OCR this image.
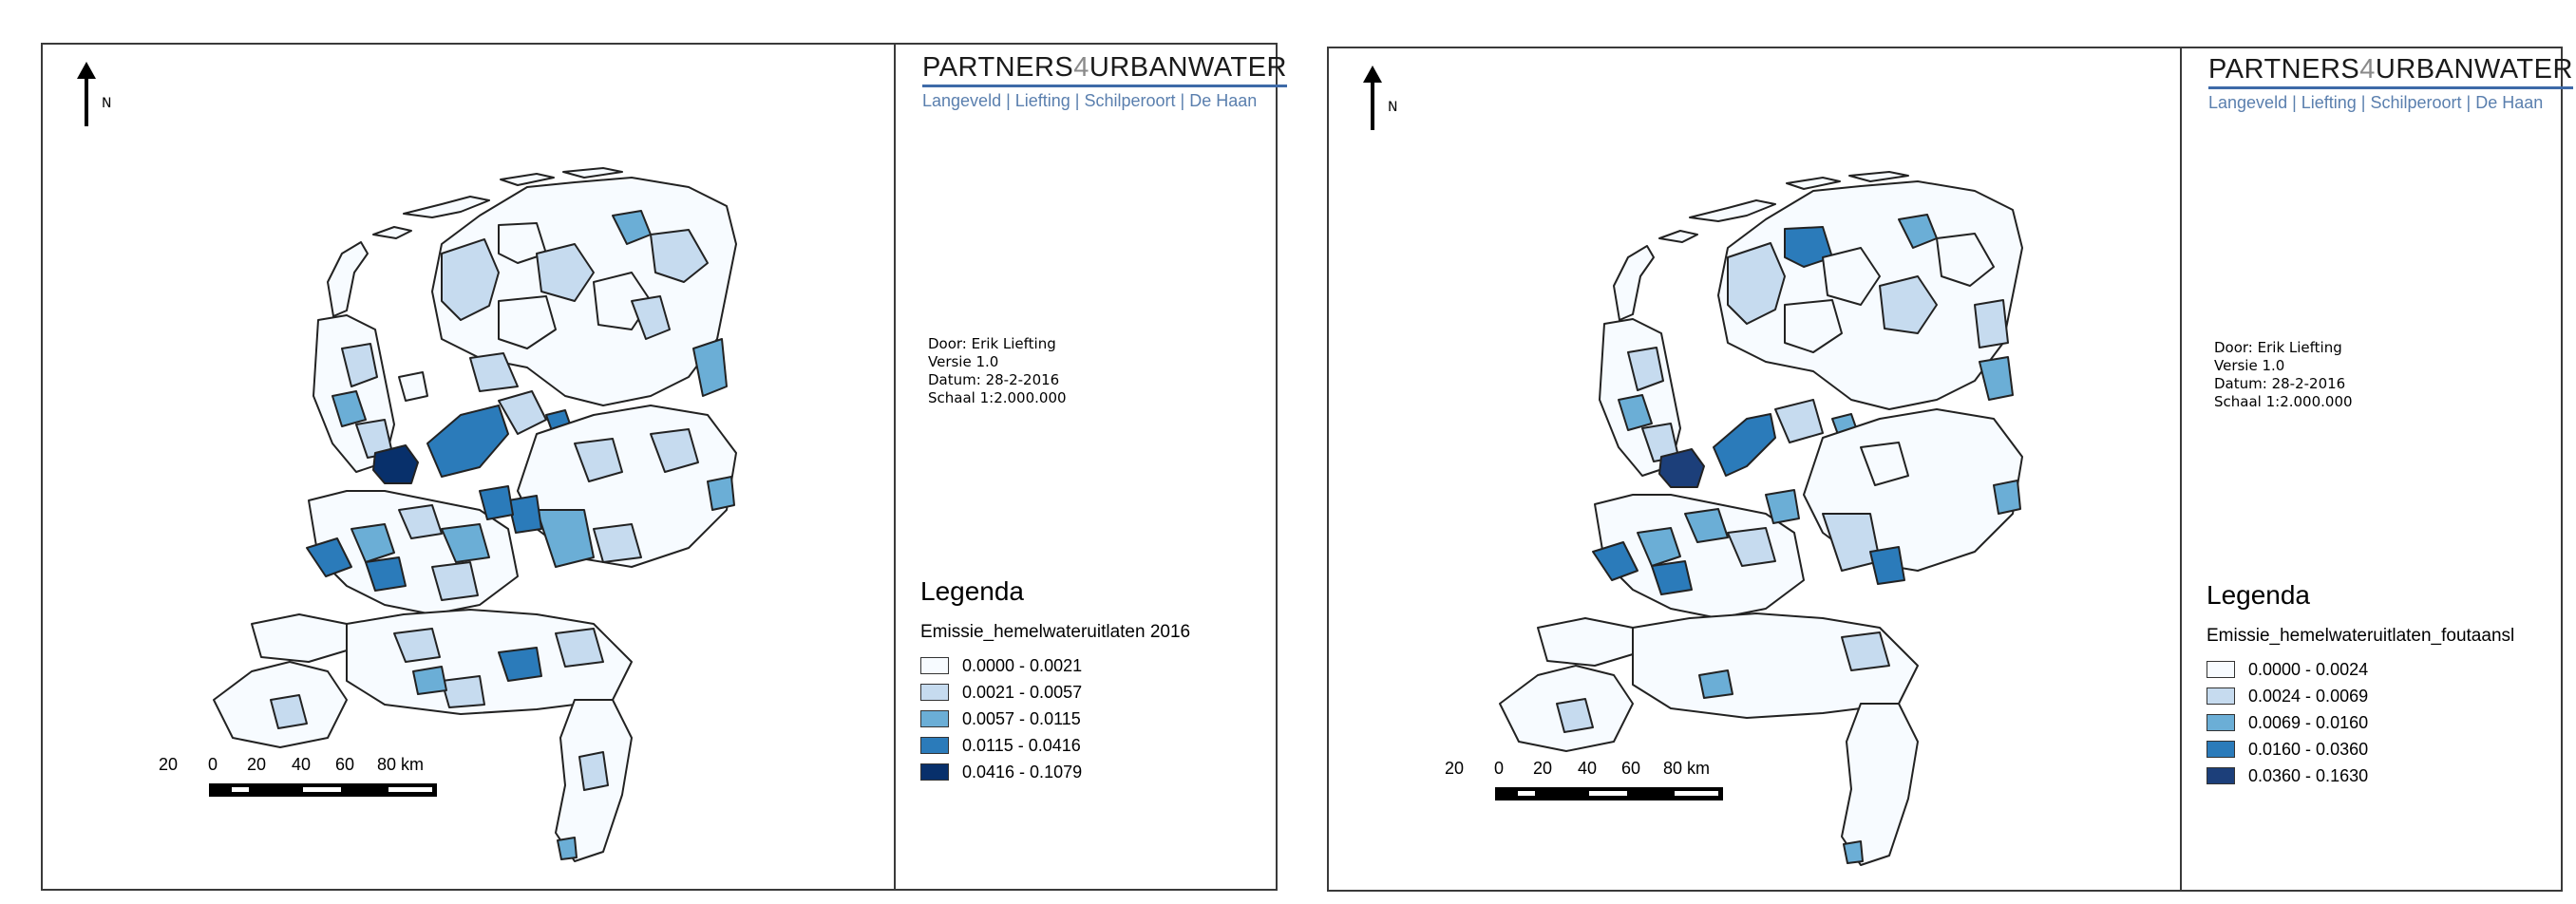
N
PARTNERS4URBANWATER
Langeveld | Liefting | Schilperoort | De Haan
Door: Erik Liefting
Versie 1.0
Datum: 28-2-2016
Schaal 1:2.000.000
Legenda
Emissie_hemelwateruitlaten 2016
0.0000 - 0.0021
0.0021 - 0.0057
0.0057 - 0.0115
0.0115 - 0.0416
0.0416 - 0.1079
20 0 20 40 60 80 km
N
PARTNERS4URBANWATER
Langeveld | Liefting | Schilperoort | De Haan
Door: Erik Liefting
Versie 1.0
Datum: 28-2-2016
Schaal 1:2.000.000
Legenda
Emissie_hemelwateruitlaten_foutaansl
0.0000 - 0.0024
0.0024 - 0.0069
0.0069 - 0.0160
0.0160 - 0.0360
0.0360 - 0.1630
20 0 20 40 60 80 km
